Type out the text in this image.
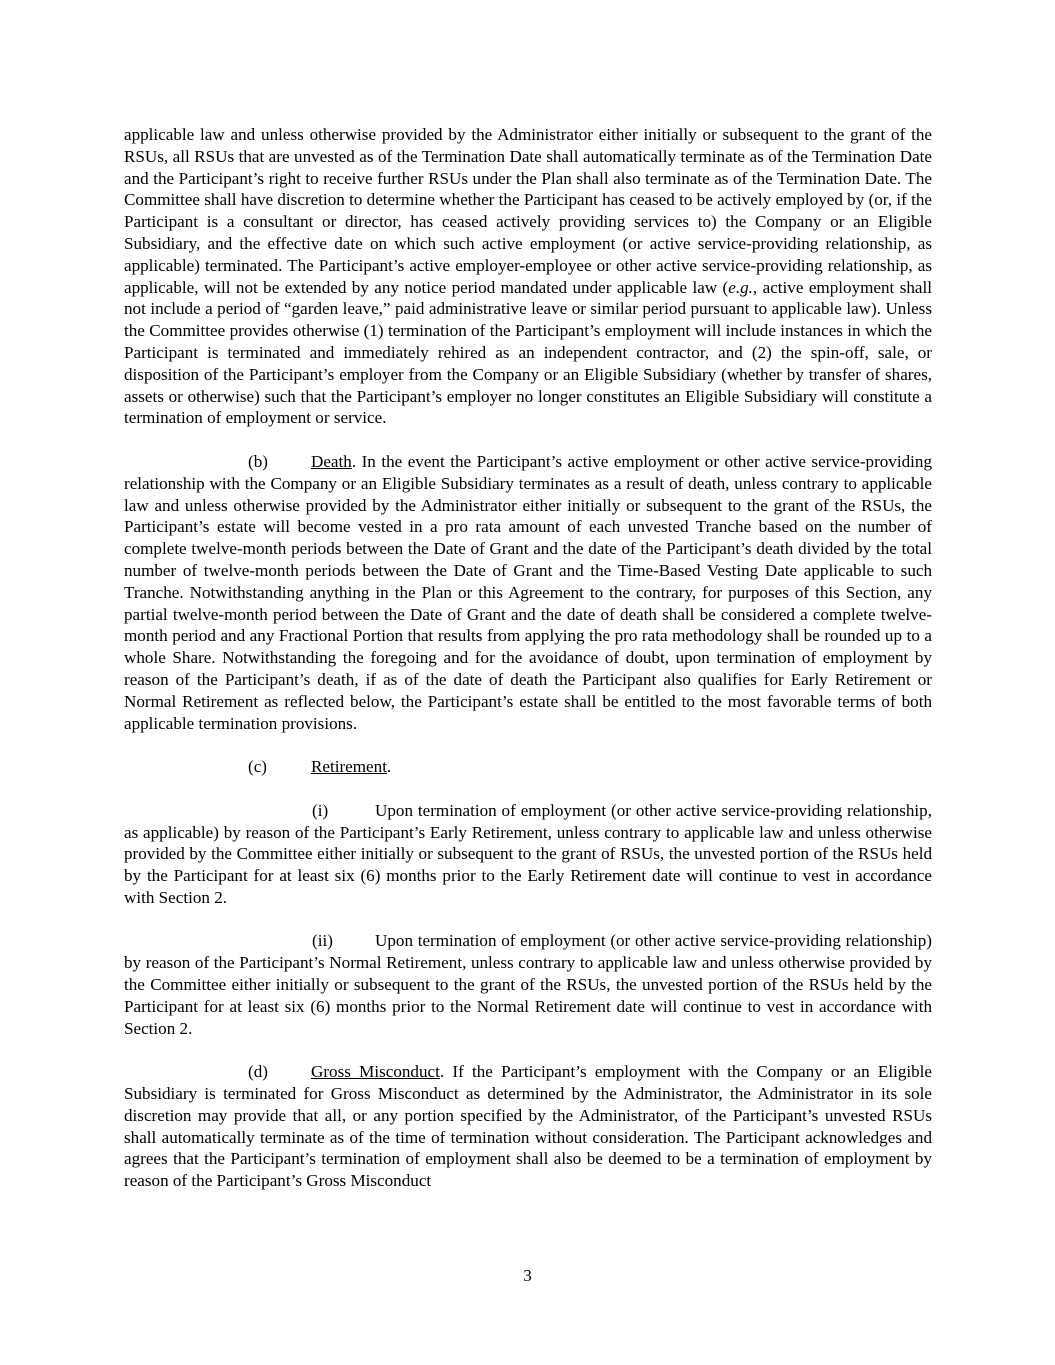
applicable law and unless otherwise provided by the Administrator either initially or subsequent to the grant of the RSUs, all RSUs that are unvested as of the Termination Date shall automatically terminate as of the Termination Date and the Participant’s right to receive further RSUs under the Plan shall also terminate as of the Termination Date. The Committee shall have discretion to determine whether the Participant has ceased to be actively employed by (or, if the Participant is a consultant or director, has ceased actively providing services to) the Company or an Eligible Subsidiary, and the effective date on which such active employment (or active service-providing relationship, as applicable) terminated. The Participant’s active employer-employee or other active service-providing relationship, as applicable, will not be extended by any notice period mandated under applicable law (e.g., active employment shall not include a period of “garden leave,” paid administrative leave or similar period pursuant to applicable law). Unless the Committee provides otherwise (1) termination of the Participant’s employment will include instances in which the Participant is terminated and immediately rehired as an independent contractor, and (2) the spin-off, sale, or disposition of the Participant’s employer from the Company or an Eligible Subsidiary (whether by transfer of shares, assets or otherwise) such that the Participant’s employer no longer constitutes an Eligible Subsidiary will constitute a termination of employment or service.

(b)	Death. In the event the Participant’s active employment or other active service-providing relationship with the Company or an Eligible Subsidiary terminates as a result of death, unless contrary to applicable law and unless otherwise provided by the Administrator either initially or subsequent to the grant of the RSUs, the Participant’s estate will become vested in a pro rata amount of each unvested Tranche based on the number of complete twelve-month periods between the Date of Grant and the date of the Participant’s death divided by the total number of twelve-month periods between the Date of Grant and the Time-Based Vesting Date applicable to such Tranche. Notwithstanding anything in the Plan or this Agreement to the contrary, for purposes of this Section, any partial twelve-month period between the Date of Grant and the date of death shall be considered a complete twelve-month period and any Fractional Portion that results from applying the pro rata methodology shall be rounded up to a whole Share. Notwithstanding the foregoing and for the avoidance of doubt, upon termination of employment by reason of the Participant’s death, if as of the date of death the Participant also qualifies for Early Retirement or Normal Retirement as reflected below, the Participant’s estate shall be entitled to the most favorable terms of both applicable termination provisions.

(c)	Retirement.

(i)	Upon termination of employment (or other active service-providing relationship, as applicable) by reason of the Participant’s Early Retirement, unless contrary to applicable law and unless otherwise provided by the Committee either initially or subsequent to the grant of RSUs, the unvested portion of the RSUs held by the Participant for at least six (6) months prior to the Early Retirement date will continue to vest in accordance with Section 2.

(ii) Upon termination of employment (or other active service-providing relationship) by reason of the Participant’s Normal Retirement, unless contrary to applicable law and unless otherwise provided by the Committee either initially or subsequent to the grant of the RSUs, the unvested portion of the RSUs held by the Participant for at least six (6) months prior to the Normal Retirement date will continue to vest in accordance with Section 2.

(d)	Gross Misconduct. If the Participant’s employment with the Company or an Eligible Subsidiary is terminated for Gross Misconduct as determined by the Administrator, the Administrator in its sole discretion may provide that all, or any portion specified by the Administrator, of the Participant’s unvested RSUs shall automatically terminate as of the time of termination without consideration. The Participant acknowledges and agrees that the Participant’s termination of employment shall also be deemed to be a termination of employment by reason of the Participant’s Gross Misconduct

3
